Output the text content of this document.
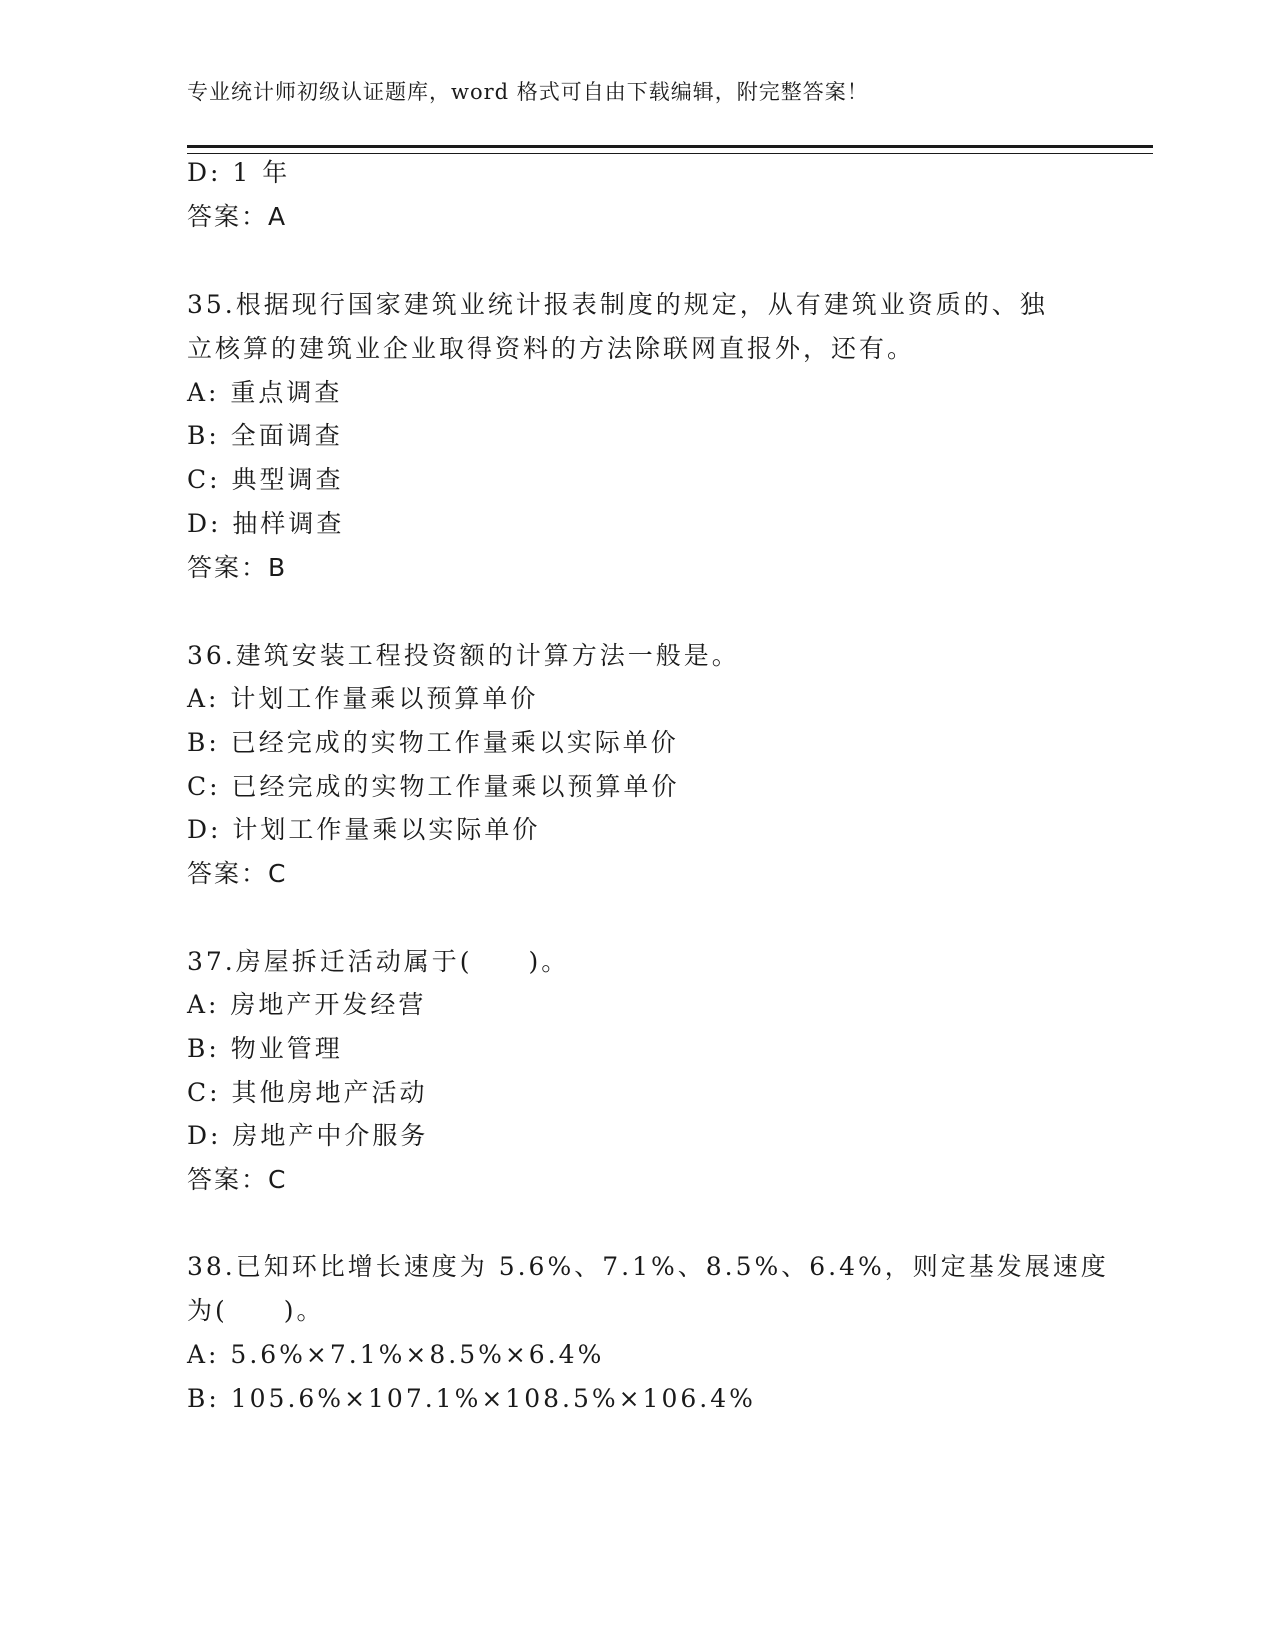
专业统计师初级认证题库，word 格式可自由下载编辑，附完整答案！
D: 1 年
答案：A
35.根据现行国家建筑业统计报表制度的规定，从有建筑业资质的、独
立核算的建筑业企业取得资料的方法除联网直报外，还有。
A: 重点调查
B: 全面调查
C: 典型调查
D: 抽样调查
答案：B
36.建筑安装工程投资额的计算方法一般是。
A: 计划工作量乘以预算单价
B: 已经完成的实物工作量乘以实际单价
C: 已经完成的实物工作量乘以预算单价
D: 计划工作量乘以实际单价
答案：C
37.房屋拆迁活动属于(　　)。
A: 房地产开发经营
B: 物业管理
C: 其他房地产活动
D: 房地产中介服务
答案：C
38.已知环比增长速度为 5.6%、7.1%、8.5%、6.4%，则定基发展速度
为(　　)。
A: 5.6%×7.1%×8.5%×6.4%
B: 105.6%×107.1%×108.5%×106.4%
